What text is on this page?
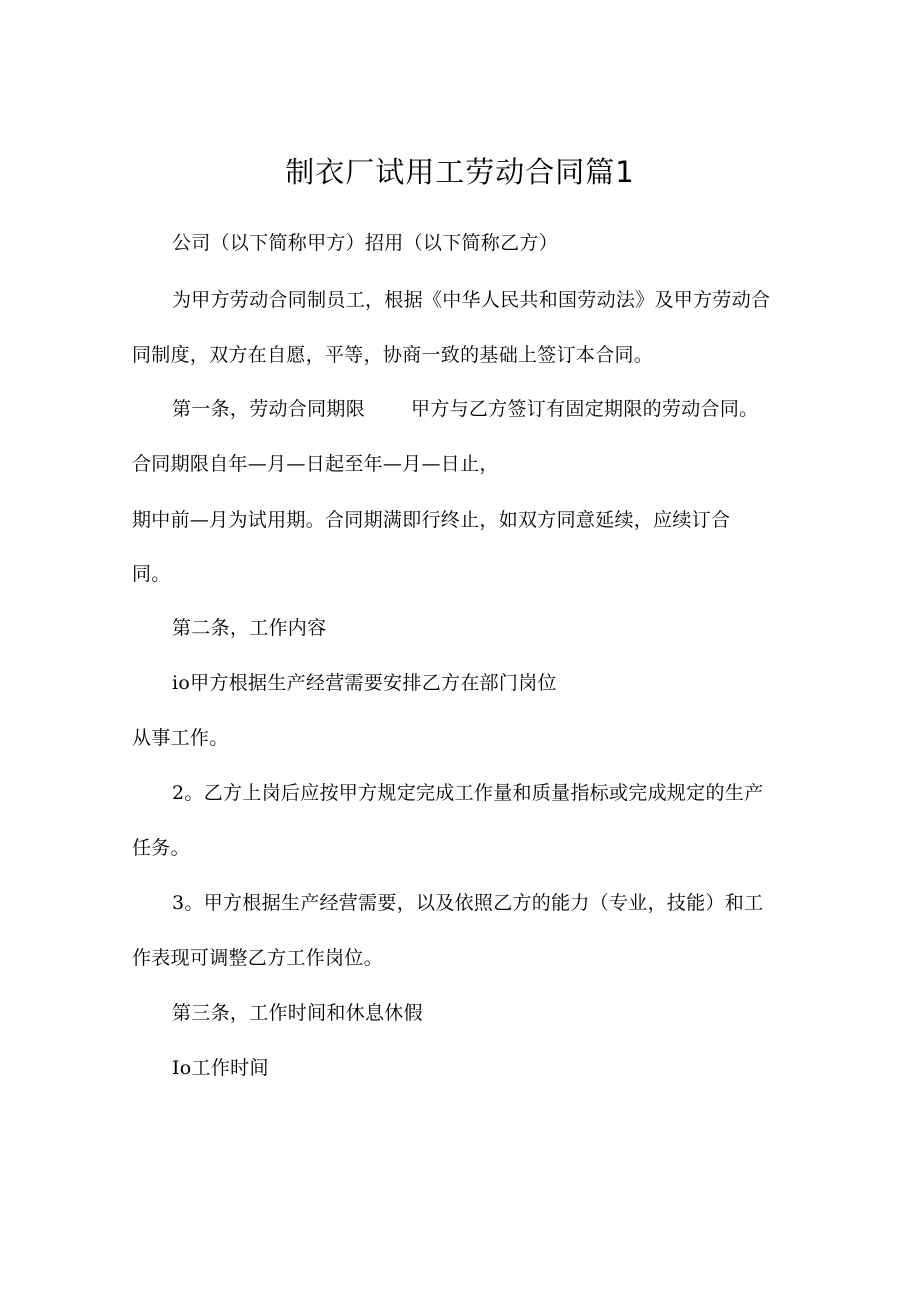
制衣厂试用工劳动合同篇1
公司（以下简称甲方）招用（以下简称乙方）
为甲方劳动合同制员工，根据《中华人民共和国劳动法》及甲方劳动合
同制度，双方在自愿，平等，协商一致的基础上签订本合同。
第一条，劳动合同期限 甲方与乙方签订有固定期限的劳动合同。
合同期限自年—月—日起至年—月—日止，
期中前—月为试用期。合同期满即行终止，如双方同意延续，应续订合
同。
第二条，工作内容
io甲方根据生产经营需要安排乙方在部门岗位
从事工作。
2。乙方上岗后应按甲方规定完成工作量和质量指标或完成规定的生产
任务。
3。甲方根据生产经营需要，以及依照乙方的能力（专业，技能）和工
作表现可调整乙方工作岗位。
第三条，工作时间和休息休假
Io工作时间
